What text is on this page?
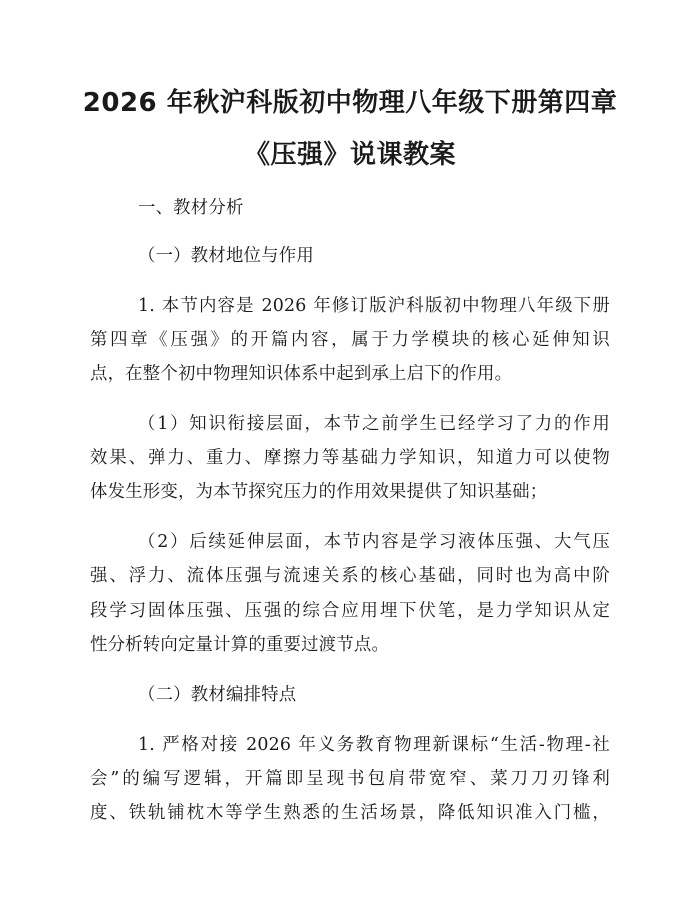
2026 年秋沪科版初中物理八年级下册第四章
《压强》说课教案
一、教材分析
（一）教材地位与作用
1. 本节内容是 2026 年修订版沪科版初中物理八年级下册
第四章《压强》的开篇内容，属于力学模块的核心延伸知识
点，在整个初中物理知识体系中起到承上启下的作用。
（1）知识衔接层面，本节之前学生已经学习了力的作用
效果、弹力、重力、摩擦力等基础力学知识，知道力可以使物
体发生形变，为本节探究压力的作用效果提供了知识基础；
（2）后续延伸层面，本节内容是学习液体压强、大气压
强、浮力、流体压强与流速关系的核心基础，同时也为高中阶
段学习固体压强、压强的综合应用埋下伏笔，是力学知识从定
性分析转向定量计算的重要过渡节点。
（二）教材编排特点
1. 严格对接 2026 年义务教育物理新课标“生活-物理-社
会”的编写逻辑，开篇即呈现书包肩带宽窄、菜刀刀刃锋利
度、铁轨铺枕木等学生熟悉的生活场景，降低知识准入门槛，
